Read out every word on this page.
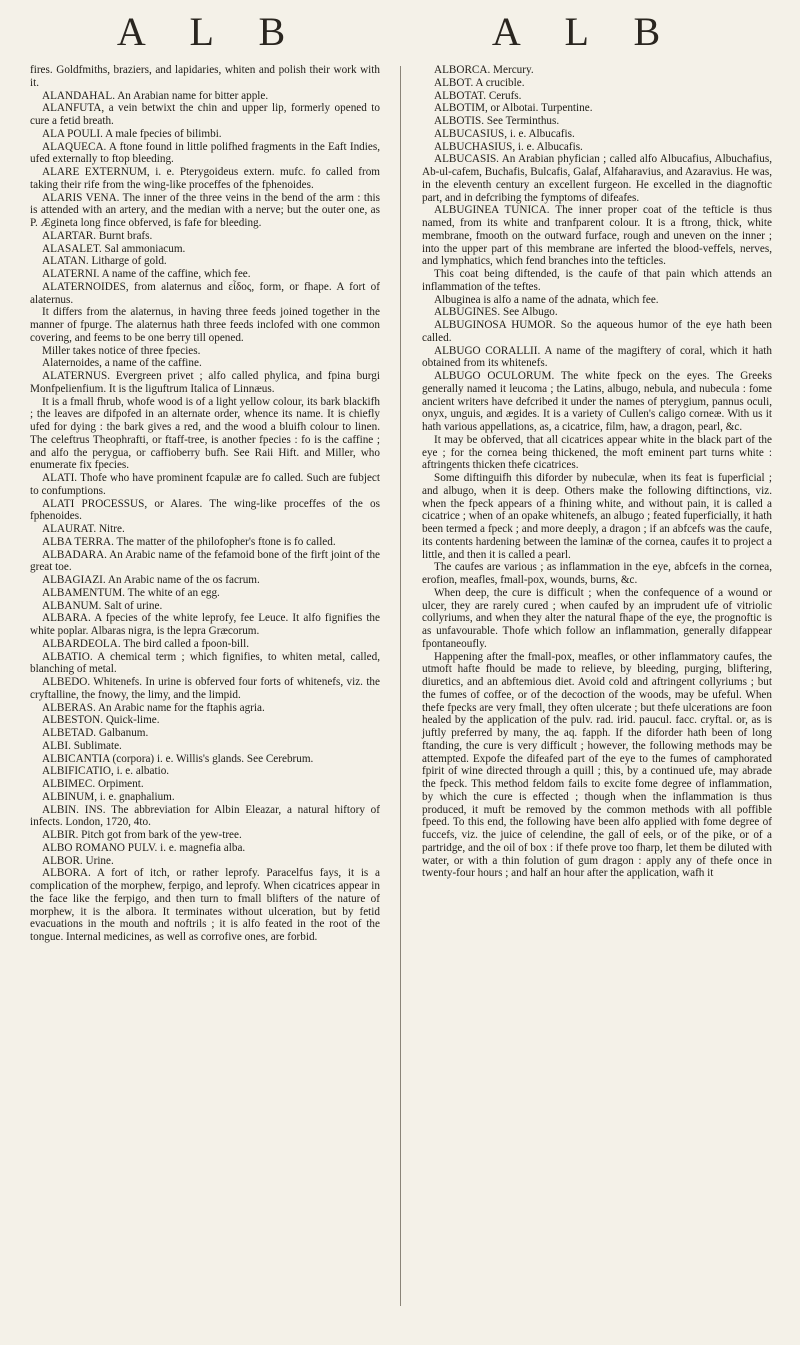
A L B	A L B

fires. Goldfmiths, braziers, and lapidaries, whiten and polish their work with it.

ALANDAHAL. An Arabian name for bitter apple.

ALANFUTA, a vein betwixt the chin and upper lip, formerly opened to cure a fetid breath.

ALA POULI. A male fpecies of bilimbi.

ALAQUECA. A ftone found in little polifhed fragments in the Eaft Indies, ufed externally to ftop bleeding.

ALARE EXTERNUM, i. e. Pterygoideus extern. mufc. fo called from taking their rife from the wing-like proceffes of the fphenoides.

ALARIS VENA. The inner of the three veins in the bend of the arm : this is attended with an artery, and the median with a nerve; but the outer one, as P. Ægineta long fince obferved, is fafe for bleeding.

ALARTAR. Burnt brafs.

ALASALET. Sal ammoniacum.

ALATAN. Litharge of gold.

ALATERNI. A name of the caffine, which fee.

ALATERNOIDES, from alaternus and εἶδος, form, or fhape. A fort of alaternus.

It differs from the alaternus, in having three feeds joined together in the manner of fpurge. The alaternus hath three feeds inclofed with one common covering, and feems to be one berry till opened.

Miller takes notice of three fpecies.

Alaternoides, a name of the caffine.

ALATERNUS. Evergreen privet ; alfo called phylica, and fpina burgi Monfpelienfium. It is the liguftrum Italica of Linnæus.

It is a fmall fhrub, whofe wood is of a light yellow colour, its bark blackifh ; the leaves are difpofed in an alternate order, whence its name. It is chiefly ufed for dying : the bark gives a red, and the wood a bluifh colour to linen. The celeftrus Theophrafti, or ftaff-tree, is another fpecies : fo is the caffine ; and alfo the perygua, or caffioberry bufh. See Raii Hift. and Miller, who enumerate fix fpecies.

ALATI. Thofe who have prominent fcapulæ are fo called. Such are fubject to confumptions.

ALATI PROCESSUS, or Alares. The wing-like proceffes of the os fphenoides.

ALAURAT. Nitre.

ALBA TERRA. The matter of the philofopher's ftone is fo called.

ALBADARA. An Arabic name of the fefamoid bone of the firft joint of the great toe.

ALBAGIAZI. An Arabic name of the os facrum.

ALBAMENTUM. The white of an egg.

ALBANUM. Salt of urine.

ALBARA. A fpecies of the white leprofy, fee Leuce. It alfo fignifies the white poplar. Albaras nigra, is the lepra Græcorum.

ALBARDEOLA. The bird called a fpoon-bill.

ALBATIO. A chemical term ; which fignifies, to whiten metal, called, blanching of metal.

ALBEDO. Whitenefs. In urine is obferved four forts of whitenefs, viz. the cryftalline, the fnowy, the limy, and the limpid.

ALBERAS. An Arabic name for the ftaphis agria.

ALBESTON. Quick-lime.

ALBETAD. Galbanum.

ALBI. Sublimate.

ALBICANTIA (corpora) i. e. Willis's glands. See Cerebrum.

ALBIFICATIO, i. e. albatio.

ALBIMEC. Orpiment.

ALBINUM, i. e. gnaphalium.

ALBIN. INS. The abbreviation for Albin Eleazar, a natural hiftory of infects. London, 1720, 4to.

ALBIR. Pitch got from bark of the yew-tree.

ALBO ROMANO PULV. i. e. magnefia alba.

ALBOR. Urine.

ALBORA. A fort of itch, or rather leprofy. Paracelfus fays, it is a complication of the morphew, ferpigo, and leprofy. When cicatrices appear in the face like the ferpigo, and then turn to fmall blifters of the nature of morphew, it is the albora. It terminates without ulceration, but by fetid evacuations in the mouth and noftrils ; it is alfo feated in the root of the tongue. Internal medicines, as well as corrofive ones, are forbid.

ALBORCA. Mercury.

ALBOT. A crucible.

ALBOTAT. Cerufs.

ALBOTIM, or Albotai. Turpentine.

ALBOTIS. See Terminthus.

ALBUCASIUS, i. e. Albucafis.

ALBUCHASIUS, i. e. Albucafis.

ALBUCASIS. An Arabian phyfician ; called alfo Albucafius, Albuchafius, Ab-ul-cafem, Buchafis, Bulcafis, Galaf, Alfaharavius, and Azaravius. He was, in the eleventh century an excellent furgeon. He excelled in the diagnoftic part, and in defcribing the fymptoms of difeafes.

ALBUGINEA TUNICA. The inner proper coat of the tefticle is thus named, from its white and tranfparent colour. It is a ftrong, thick, white membrane, fmooth on the outward furface, rough and uneven on the inner ; into the upper part of this membrane are inferted the blood-veffels, nerves, and lymphatics, which fend branches into the tefticles.

This coat being diftended, is the caufe of that pain which attends an inflammation of the teftes.

Albuginea is alfo a name of the adnata, which fee.

ALBUGINES. See Albugo.

ALBUGINOSA HUMOR. So the aqueous humor of the eye hath been called.

ALBUGO CORALLII. A name of the magiftery of coral, which it hath obtained from its whitenefs.

ALBUGO OCULORUM. The white fpeck on the eyes. The Greeks generally named it leucoma ; the Latins, albugo, nebula, and nubecula : fome ancient writers have defcribed it under the names of pterygium, pannus oculi, onyx, unguis, and ægides. It is a variety of Cullen's caligo corneæ. With us it hath various appellations, as, a cicatrice, film, haw, a dragon, pearl, &c.

It may be obferved, that all cicatrices appear white in the black part of the eye ; for the cornea being thickened, the moft eminent part turns white : aftringents thicken thefe cicatrices.

Some diftinguifh this diforder by nubeculæ, when its feat is fuperficial ; and albugo, when it is deep. Others make the following diftinctions, viz. when the fpeck appears of a fhining white, and without pain, it is called a cicatrice ; when of an opake whitenefs, an albugo ; feated fuperficially, it hath been termed a fpeck ; and more deeply, a dragon ; if an abfcefs was the caufe, its contents hardening between the laminæ of the cornea, caufes it to project a little, and then it is called a pearl.

The caufes are various ; as inflammation in the eye, abfcefs in the cornea, erofion, meafles, fmall-pox, wounds, burns, &c.

When deep, the cure is difficult ; when the confequence of a wound or ulcer, they are rarely cured ; when caufed by an imprudent ufe of vitriolic collyriums, and when they alter the natural fhape of the eye, the prognoftic is as unfavourable. Thofe which follow an inflammation, generally difappear fpontaneoufly.

Happening after the fmall-pox, meafles, or other inflammatory caufes, the utmoft hafte fhould be made to relieve, by bleeding, purging, bliftering, diuretics, and an abftemious diet. Avoid cold and aftringent collyriums ; but the fumes of coffee, or of the decoction of the woods, may be ufeful. When thefe fpecks are very fmall, they often ulcerate ; but thefe ulcerations are foon healed by the application of the pulv. rad. irid. paucul. facc. cryftal. or, as is juftly preferred by many, the aq. fapph. If the diforder hath been of long ftanding, the cure is very difficult ; however, the following methods may be attempted. Expofe the difeafed part of the eye to the fumes of camphorated fpirit of wine directed through a quill ; this, by a continued ufe, may abrade the fpeck. This method feldom fails to excite fome degree of inflammation, by which the cure is effected ; though when the inflammation is thus produced, it muft be removed by the common methods with all poffible fpeed. To this end, the following have been alfo applied with fome degree of fuccefs, viz. the juice of celendine, the gall of eels, or of the pike, or of a partridge, and the oil of box : if thefe prove too fharp, let them be diluted with water, or with a thin folution of gum dragon : apply any of thefe once in twenty-four hours ; and half an hour after the application, wafh it
